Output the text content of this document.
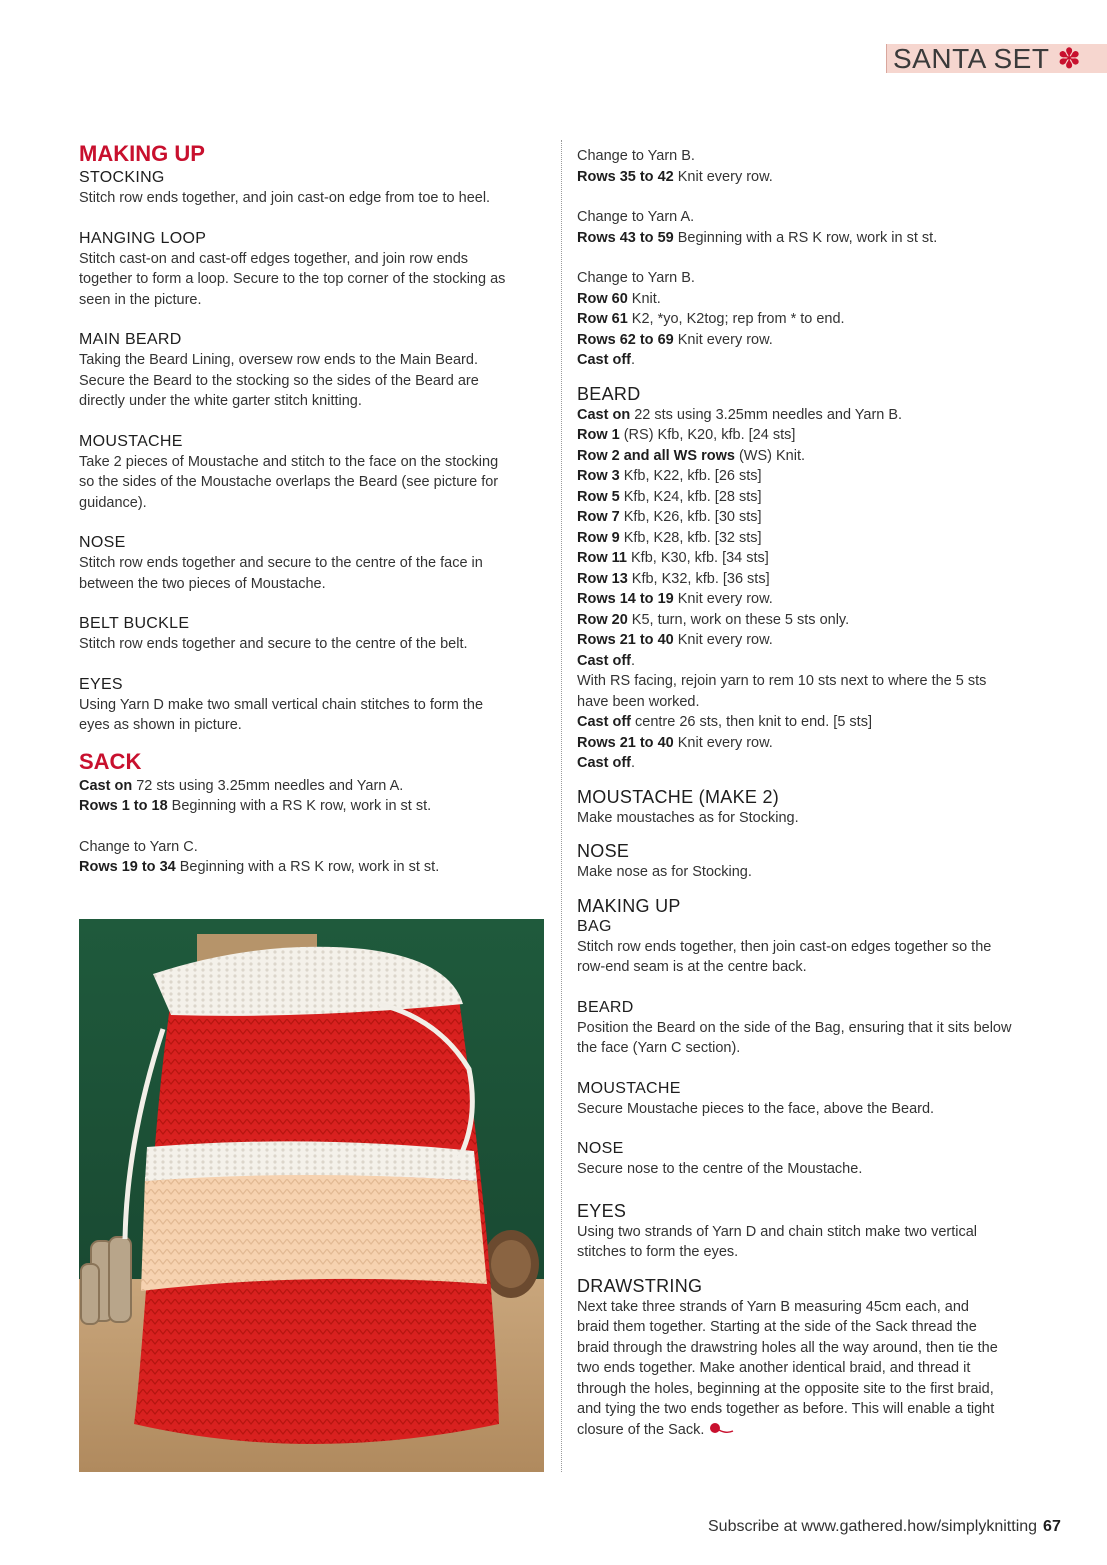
SANTA SET ✽
MAKING UP
STOCKING
Stitch row ends together, and join cast-on edge from toe to heel.
HANGING LOOP
Stitch cast-on and cast-off edges together, and join row ends
together to form a loop. Secure to the top corner of the stocking as
seen in the picture.
MAIN BEARD
Taking the Beard Lining, oversew row ends to the Main Beard.
Secure the Beard to the stocking so the sides of the Beard are
directly under the white garter stitch knitting.
MOUSTACHE
Take 2 pieces of Moustache and stitch to the face on the stocking
so the sides of the Moustache overlaps the Beard (see picture for
guidance).
NOSE
Stitch row ends together and secure to the centre of the face in
between the two pieces of Moustache.
BELT BUCKLE
Stitch row ends together and secure to the centre of the belt.
EYES
Using Yarn D make two small vertical chain stitches to form the
eyes as shown in picture.
SACK
Cast on 72 sts using 3.25mm needles and Yarn A.
Rows 1 to 18 Beginning with a RS K row, work in st st.
Change to Yarn C.
Rows 19 to 34 Beginning with a RS K row, work in st st.
Change to Yarn B.
Rows 35 to 42 Knit every row.
Change to Yarn A.
Rows 43 to 59 Beginning with a RS K row, work in st st.
Change to Yarn B.
Row 60 Knit.
Row 61 K2, *yo, K2tog; rep from * to end.
Rows 62 to 69 Knit every row.
Cast off.
BEARD
Cast on 22 sts using 3.25mm needles and Yarn B.
Row 1 (RS) Kfb, K20, kfb. [24 sts]
Row 2 and all WS rows (WS) Knit.
Row 3 Kfb, K22, kfb. [26 sts]
Row 5 Kfb, K24, kfb. [28 sts]
Row 7 Kfb, K26, kfb. [30 sts]
Row 9 Kfb, K28, kfb. [32 sts]
Row 11 Kfb, K30, kfb. [34 sts]
Row 13 Kfb, K32, kfb. [36 sts]
Rows 14 to 19 Knit every row.
Row 20 K5, turn, work on these 5 sts only.
Rows 21 to 40 Knit every row.
Cast off.
With RS facing, rejoin yarn to rem 10 sts next to where the 5 sts
have been worked.
Cast off centre 26 sts, then knit to end. [5 sts]
Rows 21 to 40 Knit every row.
Cast off.
MOUSTACHE (MAKE 2)
Make moustaches as for Stocking.
NOSE
Make nose as for Stocking.
MAKING UP
BAG
Stitch row ends together, then join cast-on edges together so the
row-end seam is at the centre back.
BEARD
Position the Beard on the side of the Bag, ensuring that it sits below
the face (Yarn C section).
MOUSTACHE
Secure Moustache pieces to the face, above the Beard.
NOSE
Secure nose to the centre of the Moustache.
EYES
Using two strands of Yarn D and chain stitch make two vertical
stitches to form the eyes.
DRAWSTRING
Next take three strands of Yarn B measuring 45cm each, and
braid them together. Starting at the side of the Sack thread the
braid through the drawstring holes all the way around, then tie the
two ends together. Make another identical braid, and thread it
through the holes, beginning at the opposite site to the first braid,
and tying the two ends together as before. This will enable a tight
closure of the Sack.
Subscribe at www.gathered.how/simplyknitting 67
